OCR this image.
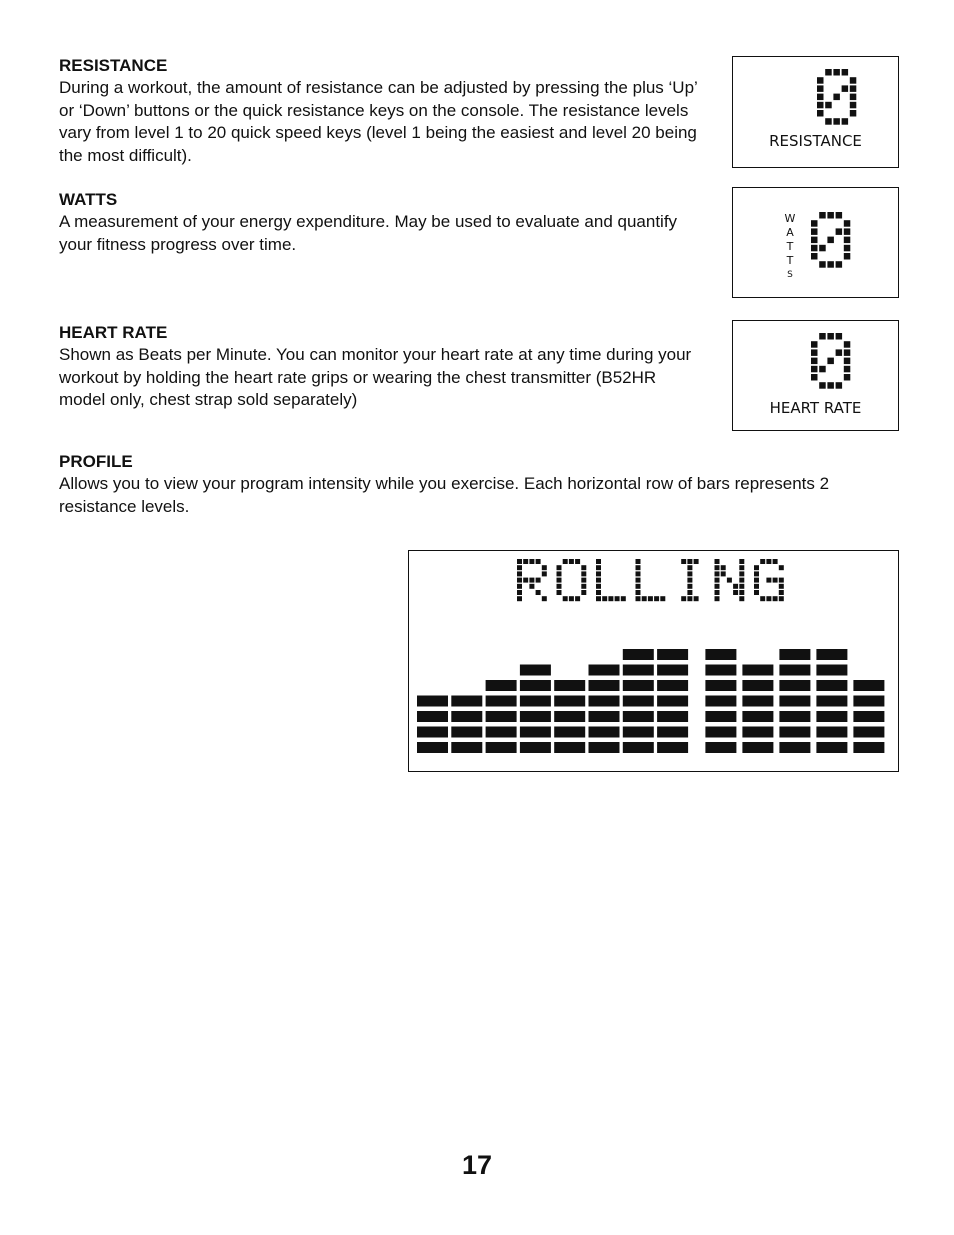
RESISTANCE

During a workout, the amount of resistance can be adjusted by pressing the plus ‘Up’ or ‘Down’ buttons or the quick resistance keys on the console. The resistance levels vary from level 1 to 20 quick speed keys (level 1 being the easiest and level 20 being the most difficult).

WATTS

A measurement of your energy expenditure. May be used to evaluate and quantify your fitness progress over time.

HEART RATE

Shown as Beats per Minute. You can monitor your heart rate at any time during your workout by holding the heart rate grips or wearing the chest transmitter (B52HR model only, chest strap sold separately)

PROFILE

Allows you to view your program intensity while you exercise. Each horizontal row of bars represents 2 resistance levels.

RESISTANCE
W
A
T
T
S
HEART RATE
17
